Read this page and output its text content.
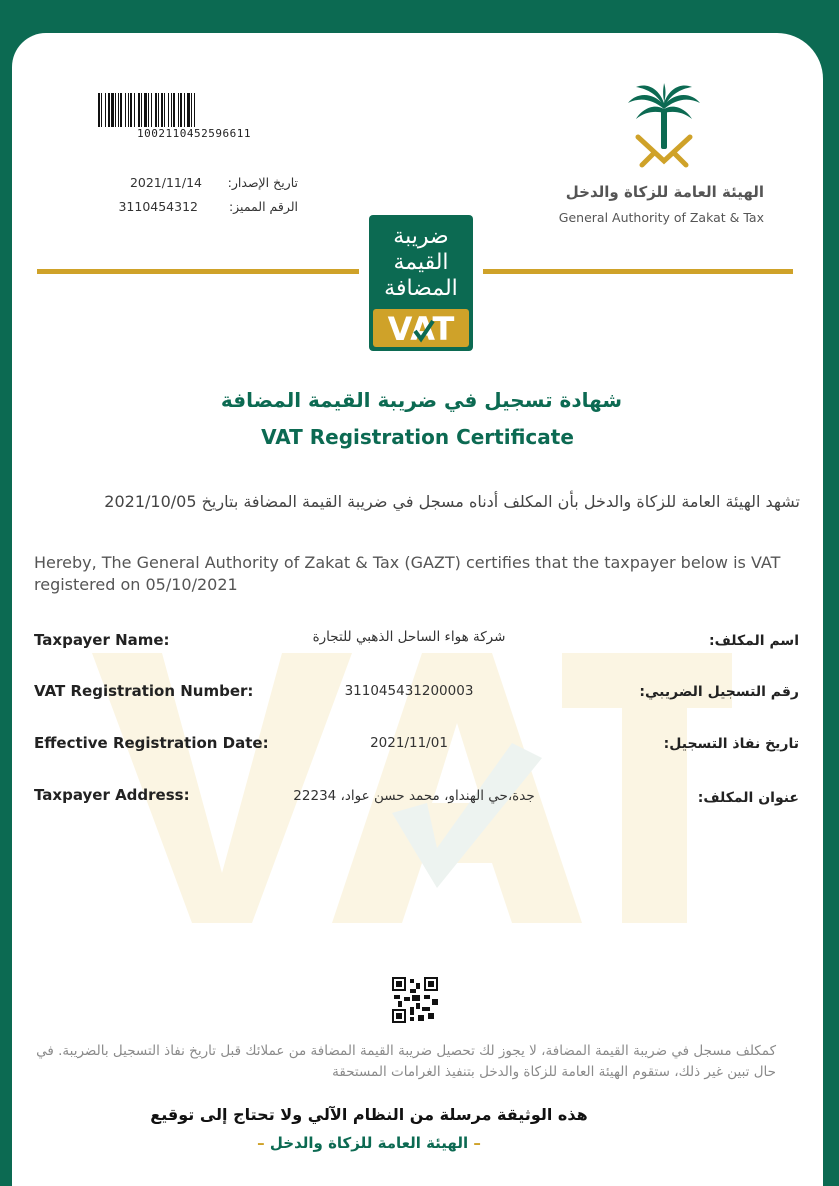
1002110452596611
تاريخ الإصدار:
2021/11/14
الرقم المميز:
3110454312
الهيئة العامة للزكاة والدخل
General Authority of Zakat & Tax
ضريبة
القيمة
المضافة
VAT
شهادة تسجيل في ضريبة القيمة المضافة
VAT Registration Certificate
تشهد الهيئة العامة للزكاة والدخل بأن المكلف أدناه مسجل في ضريبة القيمة المضافة بتاريخ 2021/10/05
Hereby, The General Authority of Zakat & Tax (GAZT) certifies that the taxpayer below is VAT registered on 05/10/2021
Taxpayer Name:	شركة هواء الساحل الذهبي للتجارة	اسم المكلف:
VAT Registration Number:	311045431200003	رقم التسجيل الضريبي:
Effective Registration Date:	2021/11/01	تاريخ نفاذ التسجيل:
Taxpayer Address:	جدة،حي الهنداو، محمد حسن عواد، 22234	عنوان المكلف:
كمكلف مسجل في ضريبة القيمة المضافة، لا يجوز لك تحصيل ضريبة القيمة المضافة من عملائك قبل تاريخ نفاذ التسجيل بالضريبة. في حال تبين غير ذلك، ستقوم الهيئة العامة للزكاة والدخل بتنفيذ الغرامات المستحقة
هذه الوثيقة مرسلة من النظام الآلي ولا تحتاج إلى توقيع
– الهيئة العامة للزكاة والدخل –
